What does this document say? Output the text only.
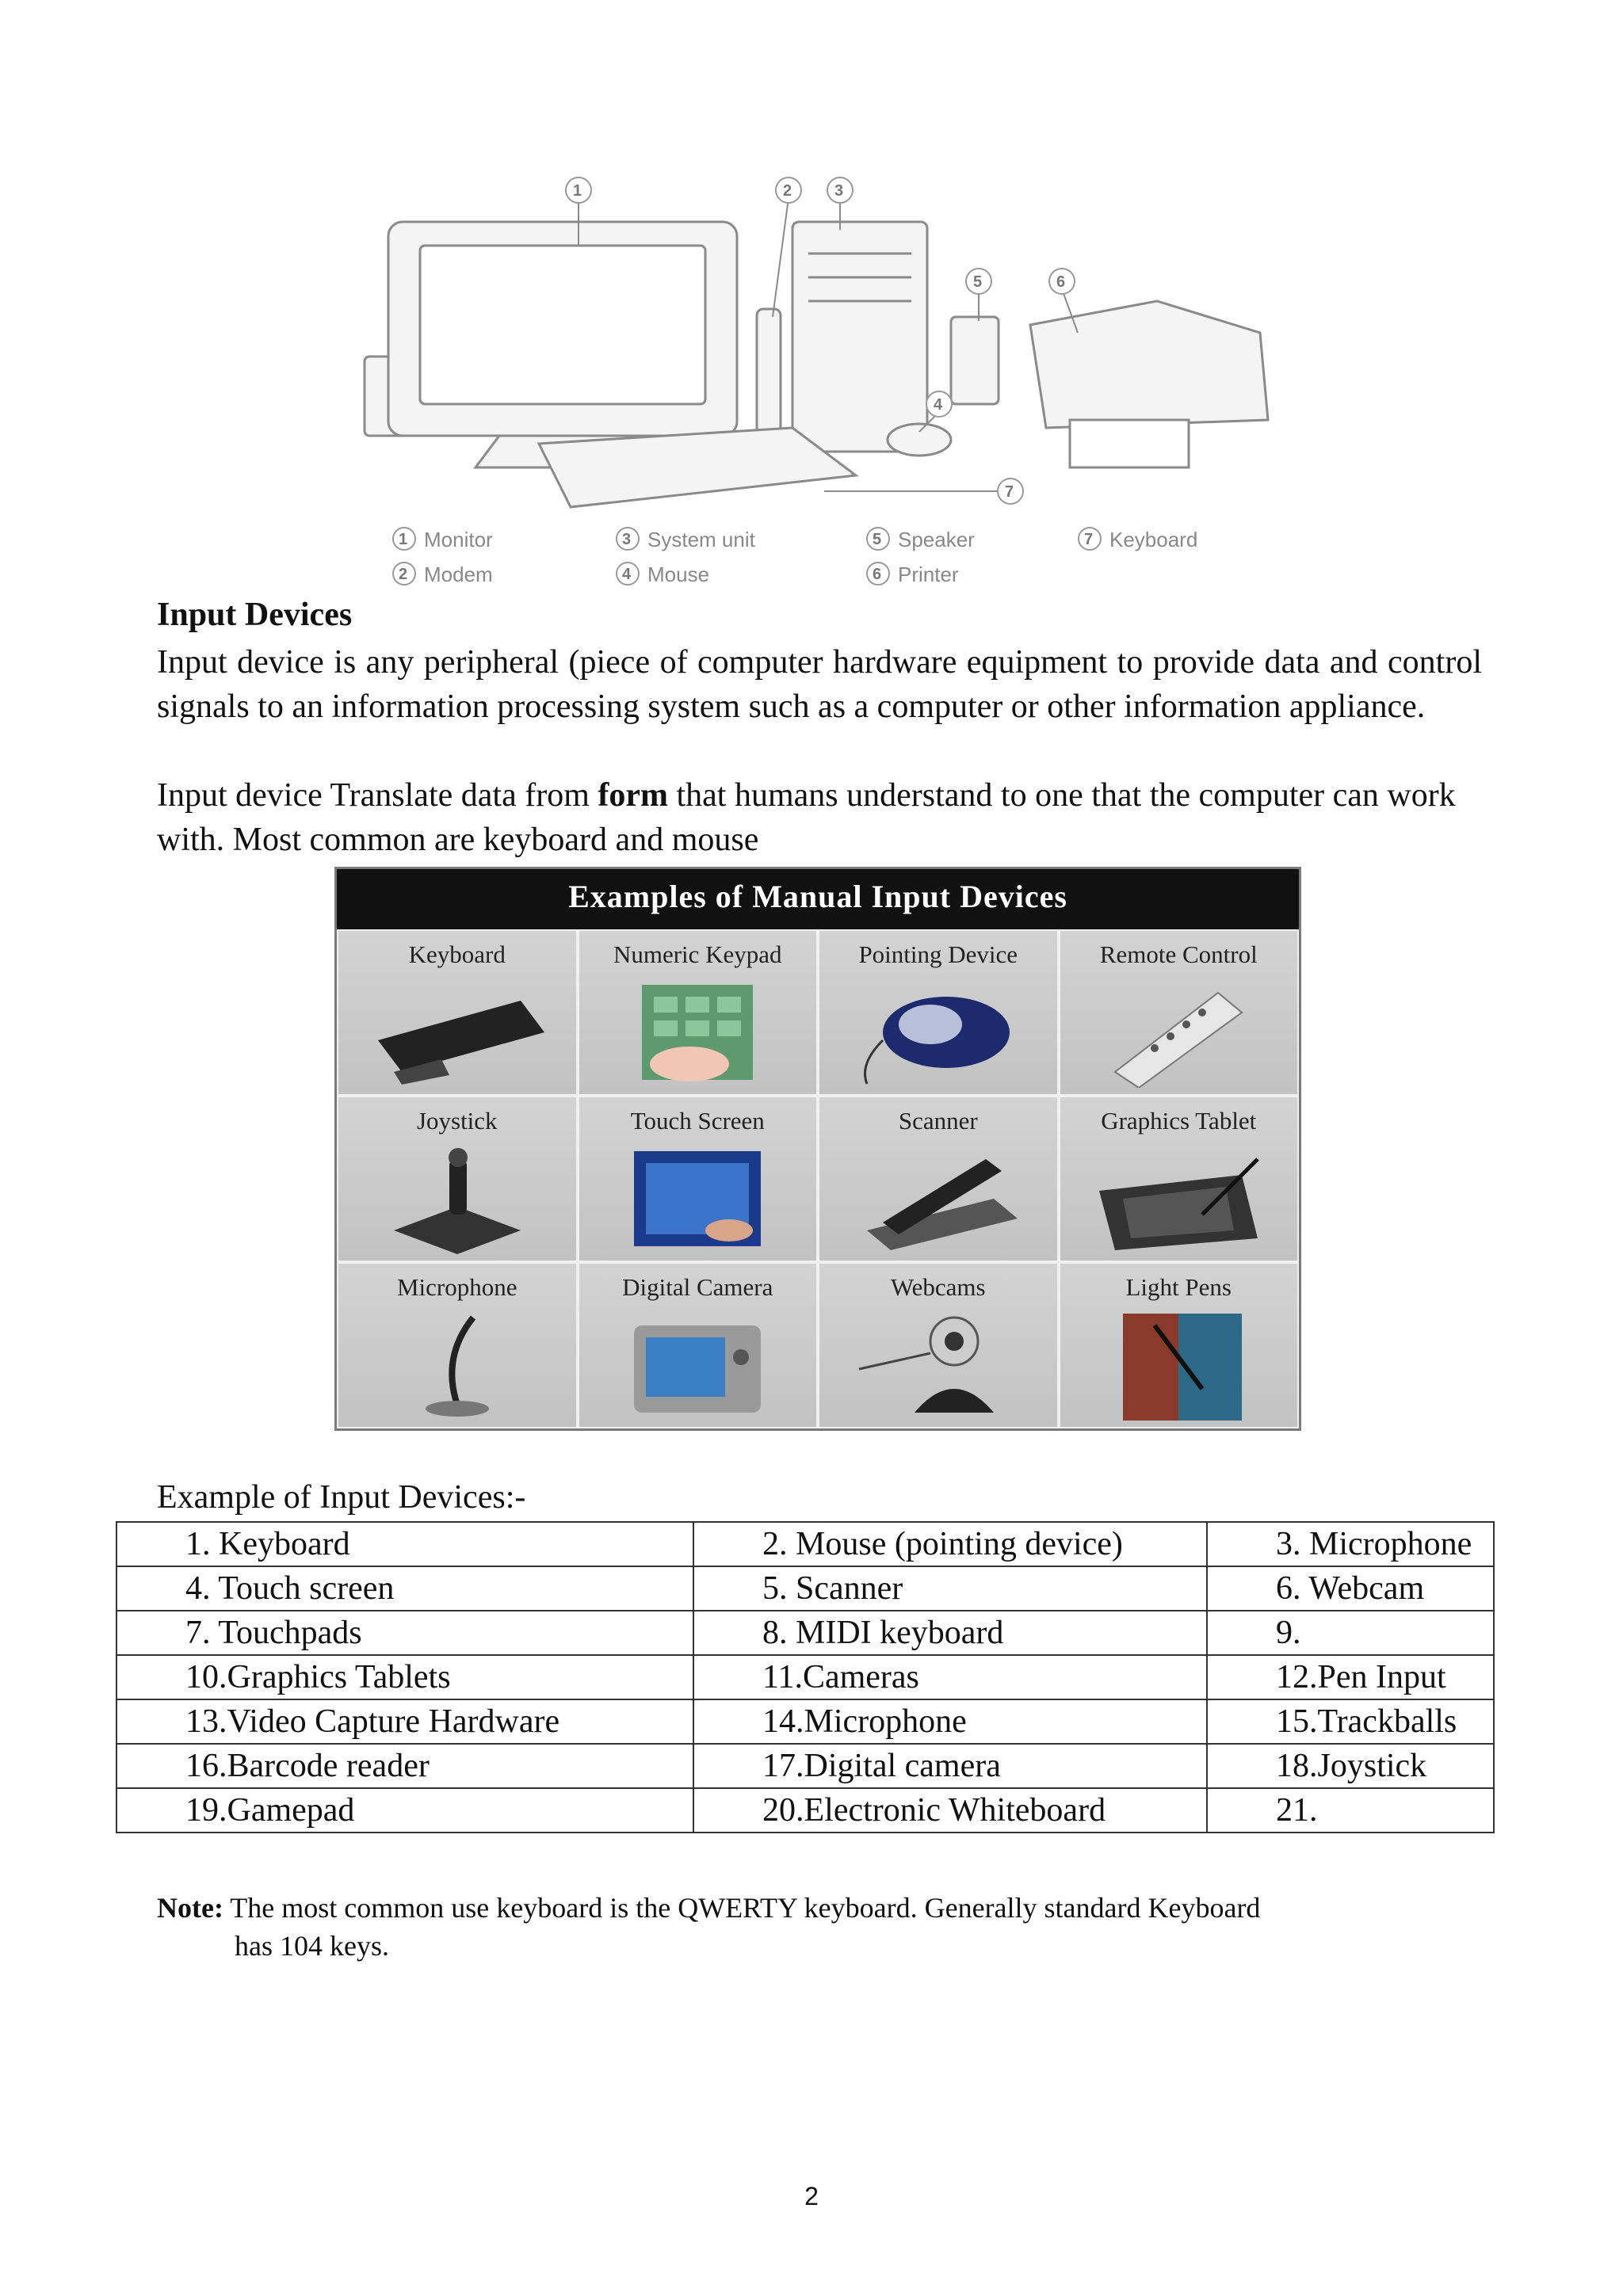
1	2	3
4
5	6
7
1 Monitor
2 Modem
3 System unit
4 Mouse
5 Speaker
6 Printer
7 Keyboard
Input Devices
Input device is any peripheral (piece of computer hardware equipment to provide data and control signals to an information processing system such as a computer or other information appliance.
Input device Translate data from form that humans understand to one that the computer can work with. Most common are keyboard and mouse
Examples of Manual Input Devices
Keyboard	Numeric Keypad	Pointing Device	Remote Control
Joystick	Touch Screen	Scanner	Graphics Tablet
Microphone	Digital Camera	Webcams	Light Pens
Example of Input Devices:-
1. Keyboard	2. Mouse (pointing device)	3. Microphone
4. Touch screen	5. Scanner	6. Webcam
7. Touchpads	8. MIDI keyboard	9.
10.Graphics Tablets	11.Cameras	12.Pen Input
13.Video Capture Hardware	14.Microphone	15.Trackballs
16.Barcode reader	17.Digital camera	18.Joystick
19.Gamepad	20.Electronic Whiteboard	21.
Note: The most common use keyboard is the QWERTY keyboard. Generally standard Keyboard
has 104 keys.
2
